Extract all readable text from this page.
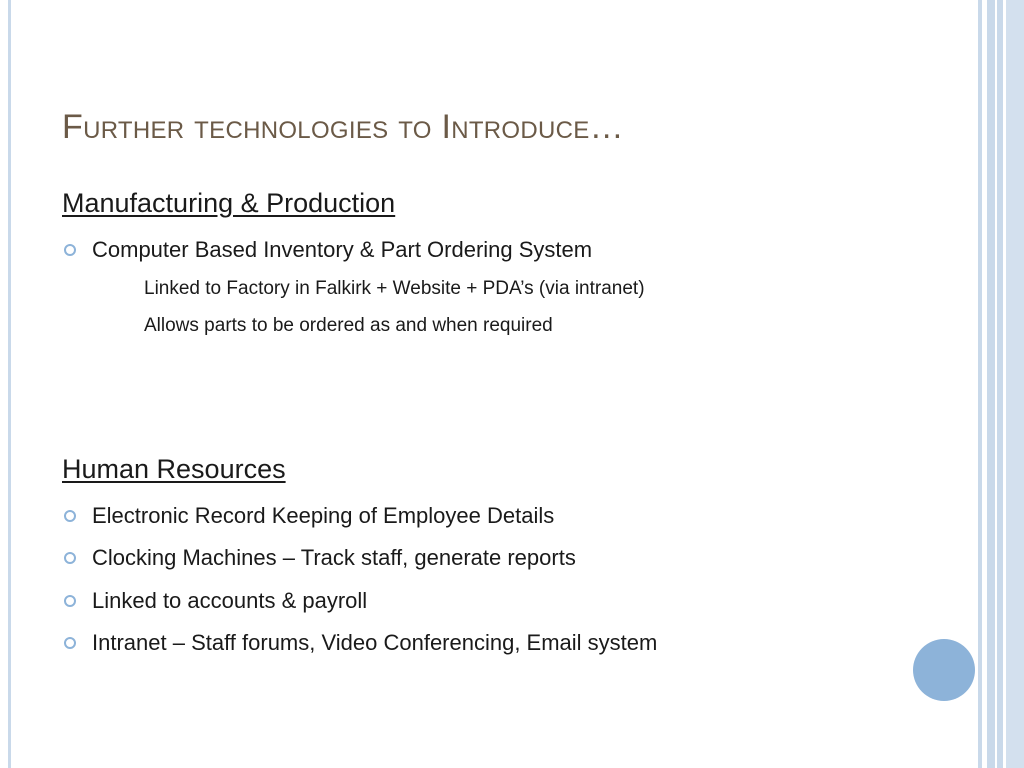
Further technologies to Introduce…
Manufacturing & Production
Computer Based Inventory & Part Ordering System
Linked to Factory in Falkirk + Website + PDA’s (via intranet)
Allows parts to be ordered as and when required
Human Resources
Electronic Record Keeping of Employee Details
Clocking Machines – Track staff, generate reports
Linked to accounts & payroll
Intranet – Staff forums, Video Conferencing, Email system
